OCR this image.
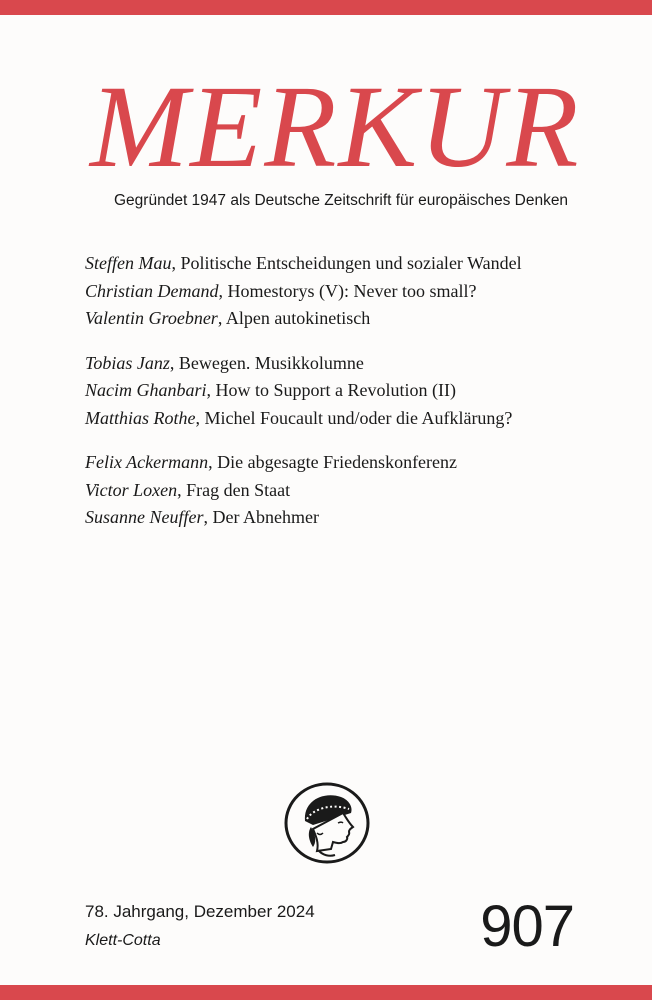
MERKUR
Gegründet 1947 als Deutsche Zeitschrift für europäisches Denken
Steffen Mau, Politische Entscheidungen und sozialer Wandel
Christian Demand, Homestorys (V): Never too small?
Valentin Groebner, Alpen autokinetisch
Tobias Janz, Bewegen. Musikkolumne
Nacim Ghanbari, How to Support a Revolution (II)
Matthias Rothe, Michel Foucault und/oder die Aufklärung?
Felix Ackermann, Die abgesagte Friedenskonferenz
Victor Loxen, Frag den Staat
Susanne Neuffer, Der Abnehmer
78. Jahrgang, Dezember 2024
Klett-Cotta	907
